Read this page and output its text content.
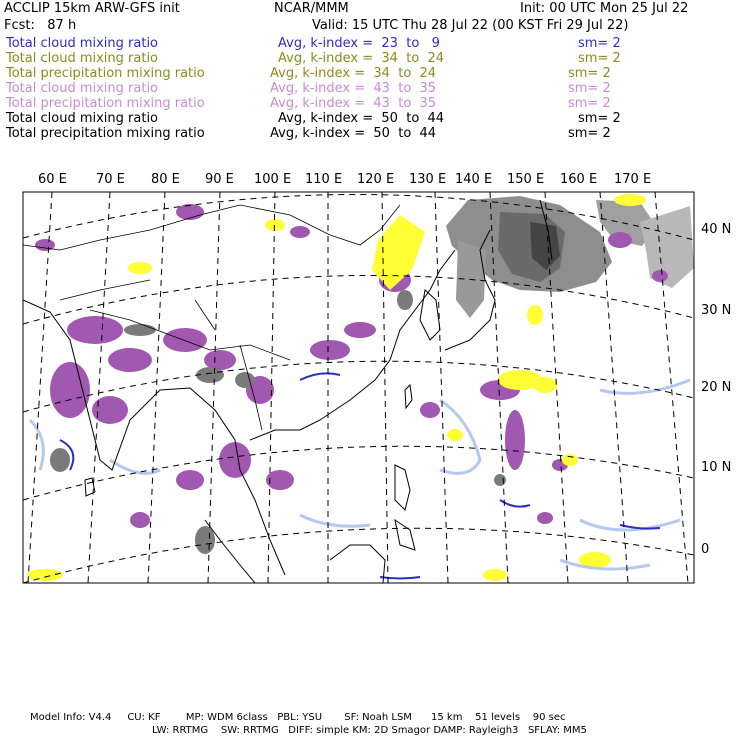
ACCLIP 15km ARW-GFS init	NCAR/MMM	Init: 00 UTC Mon 25 Jul 22
Fcst:   87 h	Valid: 15 UTC Thu 28 Jul 22 (00 KST Fri 29 Jul 22)
Total cloud mixing ratio	Avg, k-index =  23  to   9	sm= 2
Total cloud mixing ratio	Avg, k-index =  34  to  24	sm= 2
Total precipitation mixing ratio	Avg, k-index =  34  to  24	sm= 2
Total cloud mixing ratio	Avg, k-index =  43  to  35	sm= 2
Total precipitation mixing ratio	Avg, k-index =  43  to  35	sm= 2
Total cloud mixing ratio	Avg, k-index =  50  to  44	sm= 2
Total precipitation mixing ratio	Avg, k-index =  50  to  44	sm= 2
60 E 70 E 80 E 90 E 100 E 110 E 120 E 130 E 140 E 150 E 160 E 170 E
40 N
30 N
20 N
10 N
0
Model Info: V4.4     CU: KF        MP: WDM 6class   PBL: YSU       SF: Noah LSM      15 km    51 levels    90 sec
LW: RRTMG    SW: RRTMG   DIFF: simple KM: 2D Smagor DAMP: Rayleigh3   SFLAY: MM5
